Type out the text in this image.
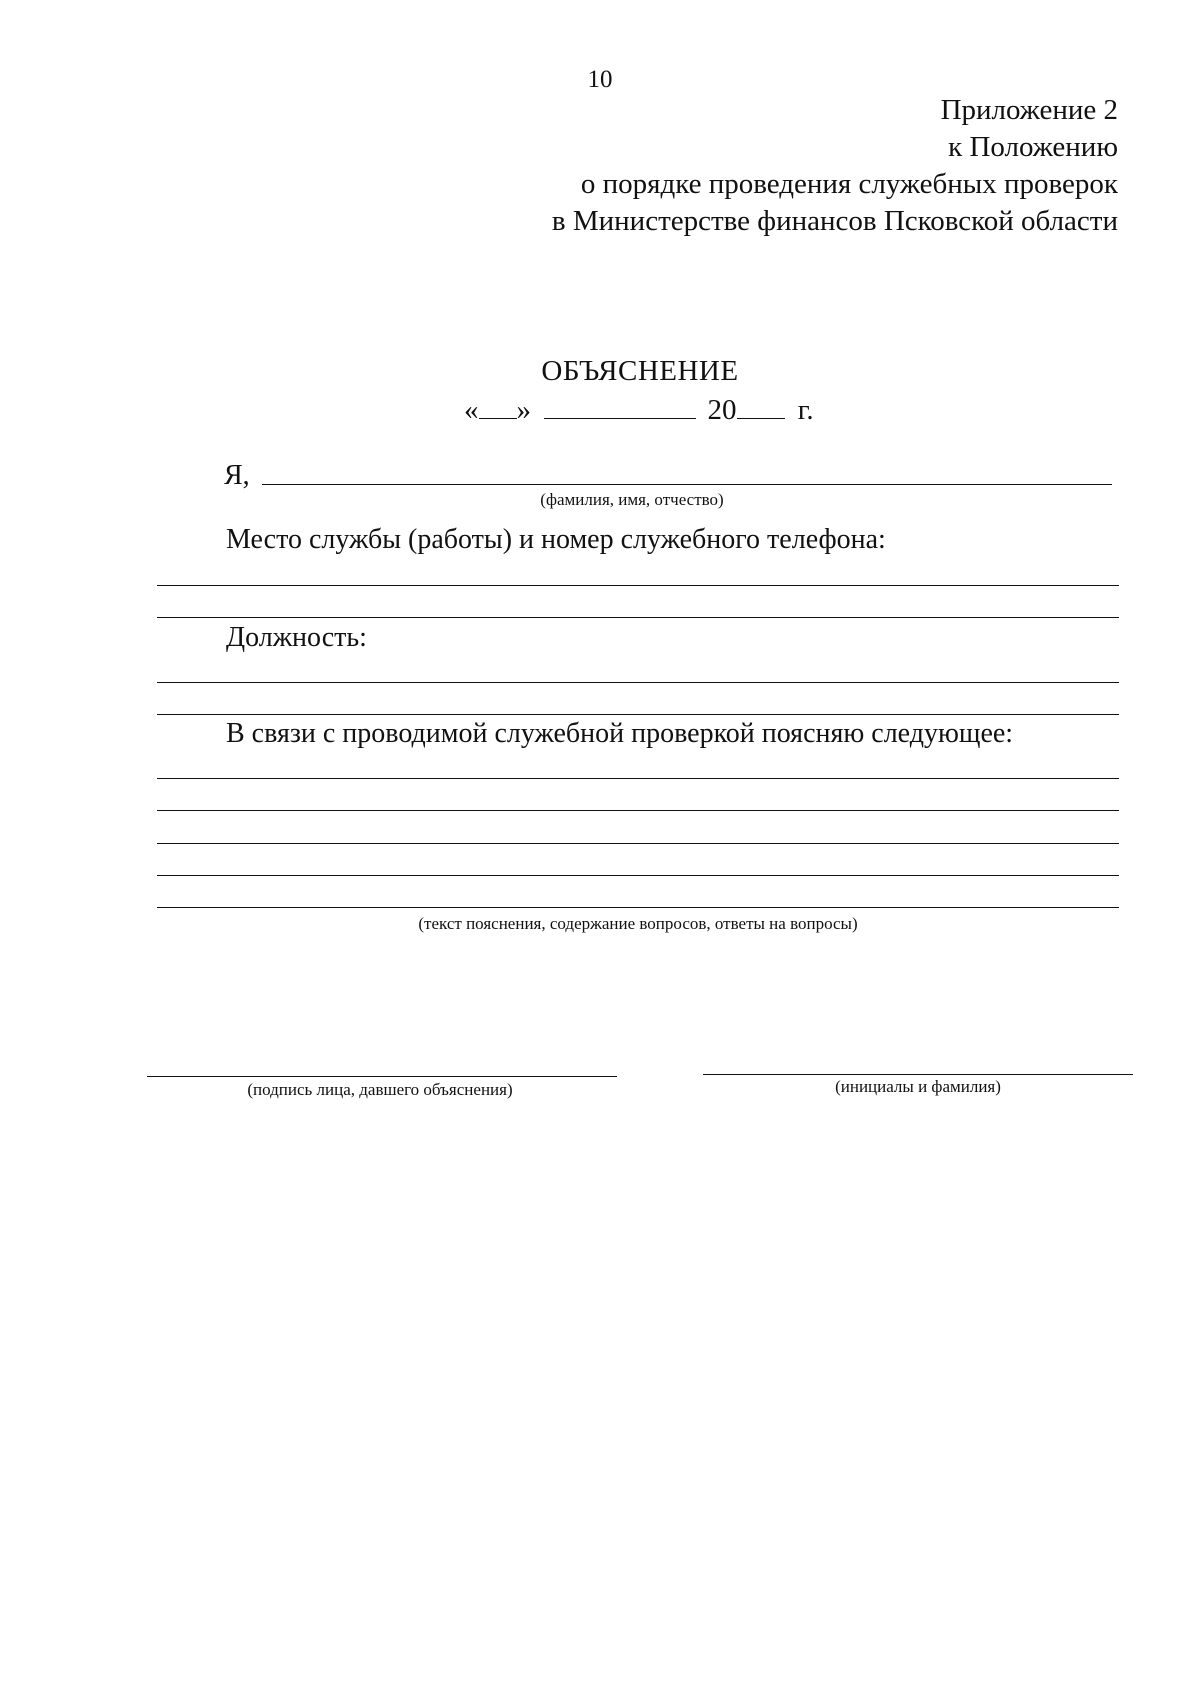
10
Приложение 2
к Положению
о порядке проведения служебных проверок
в Министерстве финансов Псковской области
ОБЪЯСНЕНИЕ
« »	20 г.
Я,
(фамилия, имя, отчество)
Место службы (работы) и номер служебного телефона:
Должность:
В связи с проводимой служебной проверкой поясняю следующее:
(текст пояснения, содержание вопросов, ответы на вопросы)
(подпись лица, давшего объяснения)	(инициалы и фамилия)
